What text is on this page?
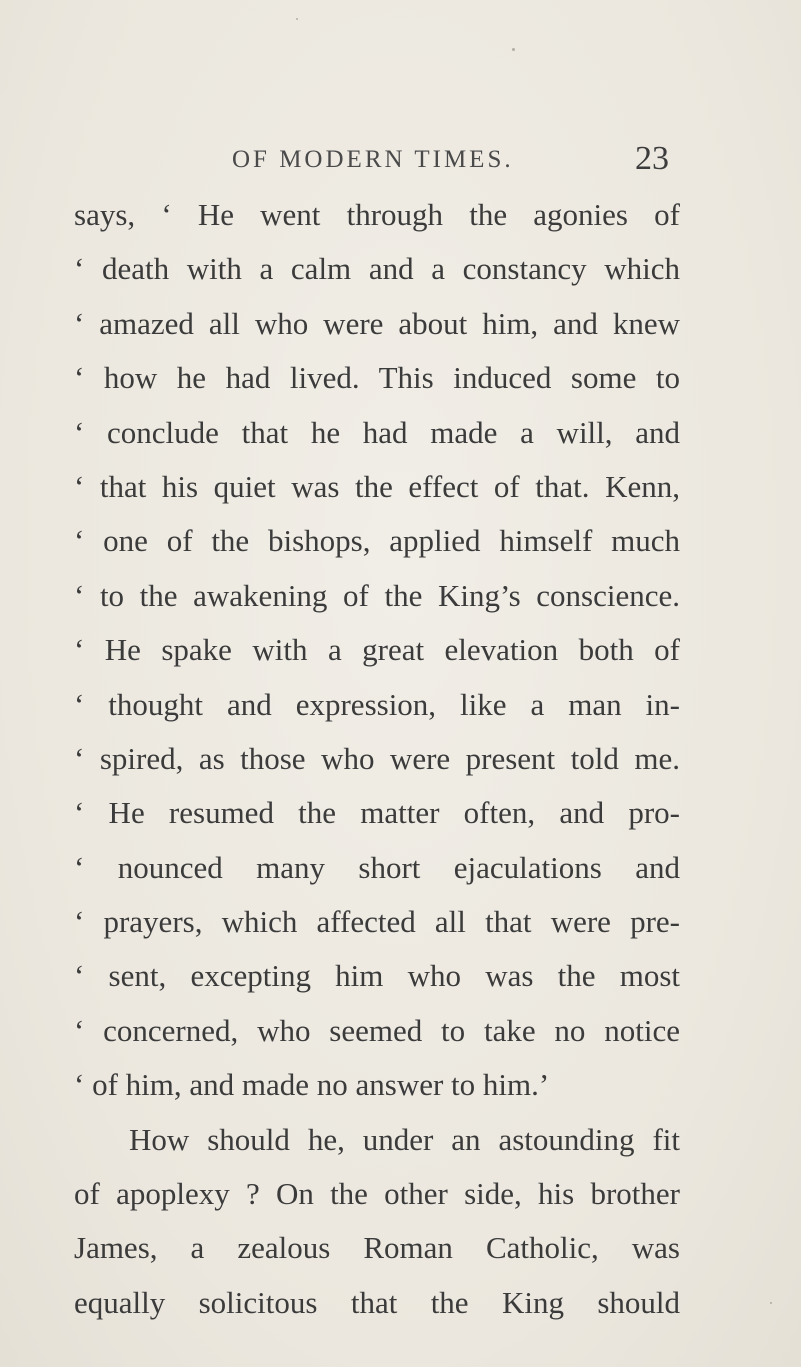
OF MODERN TIMES.	23
says, ‘ He went through the agonies of
‘ death with a calm and a constancy which
‘ amazed all who were about him, and knew
‘ how he had lived. This induced some to
‘ conclude that he had made a will, and
‘ that his quiet was the effect of that. Kenn,
‘ one of the bishops, applied himself much
‘ to the awakening of the King’s conscience.
‘ He spake with a great elevation both of
‘ thought and expression, like a man in-
‘ spired, as those who were present told me.
‘ He resumed the matter often, and pro-
‘ nounced many short ejaculations and
‘ prayers, which affected all that were pre-
‘ sent, excepting him who was the most
‘ concerned, who seemed to take no notice
‘ of him, and made no answer to him.’
How should he, under an astounding fit
of apoplexy ? On the other side, his brother
James, a zealous Roman Catholic, was
equally solicitous that the King should
